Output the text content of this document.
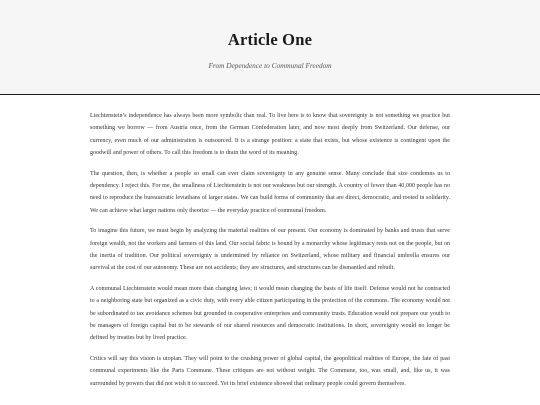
Article One
From Dependence to Communal Freedom

Liechtenstein’s independence has always been more symbolic than real. To live here is to know that sovereignty is not something we practice but something we borrow — from Austria once, from the German Confederation later, and now most deeply from Switzerland. Our defense, our currency, even much of our administration is outsourced. It is a strange position: a state that exists, but whose existence is contingent upon the goodwill and power of others. To call this freedom is to drain the word of its meaning.

The question, then, is whether a people so small can ever claim sovereignty in any genuine sense. Many conclude that size condemns us to dependency. I reject this. For me, the smallness of Liechtenstein is not our weakness but our strength. A country of fewer than 40,000 people has no need to reproduce the bureaucratic leviathans of larger states. We can build forms of community that are direct, democratic, and rooted in solidarity. We can achieve what larger nations only theorize — the everyday practice of communal freedom.

To imagine this future, we must begin by analyzing the material realities of our present. Our economy is dominated by banks and trusts that serve foreign wealth, not the workers and farmers of this land. Our social fabric is bound by a monarchy whose legitimacy rests not on the people, but on the inertia of tradition. Our political sovereignty is undermined by reliance on Switzerland, whose military and financial umbrella ensures our survival at the cost of our autonomy. These are not accidents; they are structures, and structures can be dismantled and rebuilt.

A communal Liechtenstein would mean more than changing laws; it would mean changing the basis of life itself. Defense would not be contracted to a neighboring state but organized as a civic duty, with every able citizen participating in the protection of the commons. The economy would not be subordinated to tax avoidance schemes but grounded in cooperative enterprises and community trusts. Education would not prepare our youth to be managers of foreign capital but to be stewards of our shared resources and democratic institutions. In short, sovereignty would no longer be defined by treaties but by lived practice.

Critics will say this vision is utopian. They will point to the crushing power of global capital, the geopolitical realities of Europe, the fate of past communal experiments like the Paris Commune. These critiques are not without weight. The Commune, too, was small, and, like us, it was surrounded by powers that did not wish it to succeed. Yet its brief existence showed that ordinary people could govern themselves.
